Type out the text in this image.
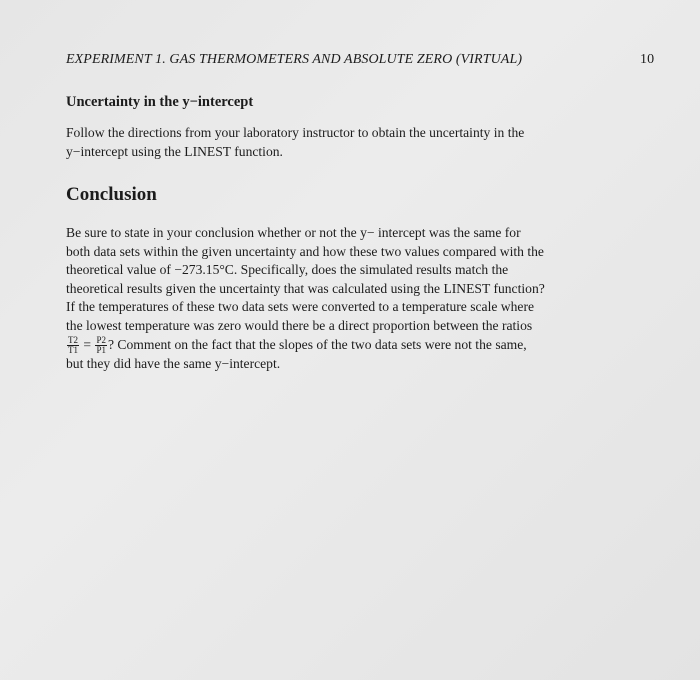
EXPERIMENT 1. GAS THERMOMETERS AND ABSOLUTE ZERO (VIRTUAL)	10
Uncertainty in the y−intercept
Follow the directions from your laboratory instructor to obtain the uncertainty in the
y−intercept using the LINEST function.
Conclusion
Be sure to state in your conclusion whether or not the y− intercept was the same for
both data sets within the given uncertainty and how these two values compared with the
theoretical value of −273.15°C. Specifically, does the simulated results match the
theoretical results given the uncertainty that was calculated using the LINEST function?
If the temperatures of these two data sets were converted to a temperature scale where
the lowest temperature was zero would there be a direct proportion between the ratios
$\frac{T2}{T1} = \frac{P2}{P1}$ ? Comment on the fact that the slopes of the two data sets were not the same,
but they did have the same y−intercept.
